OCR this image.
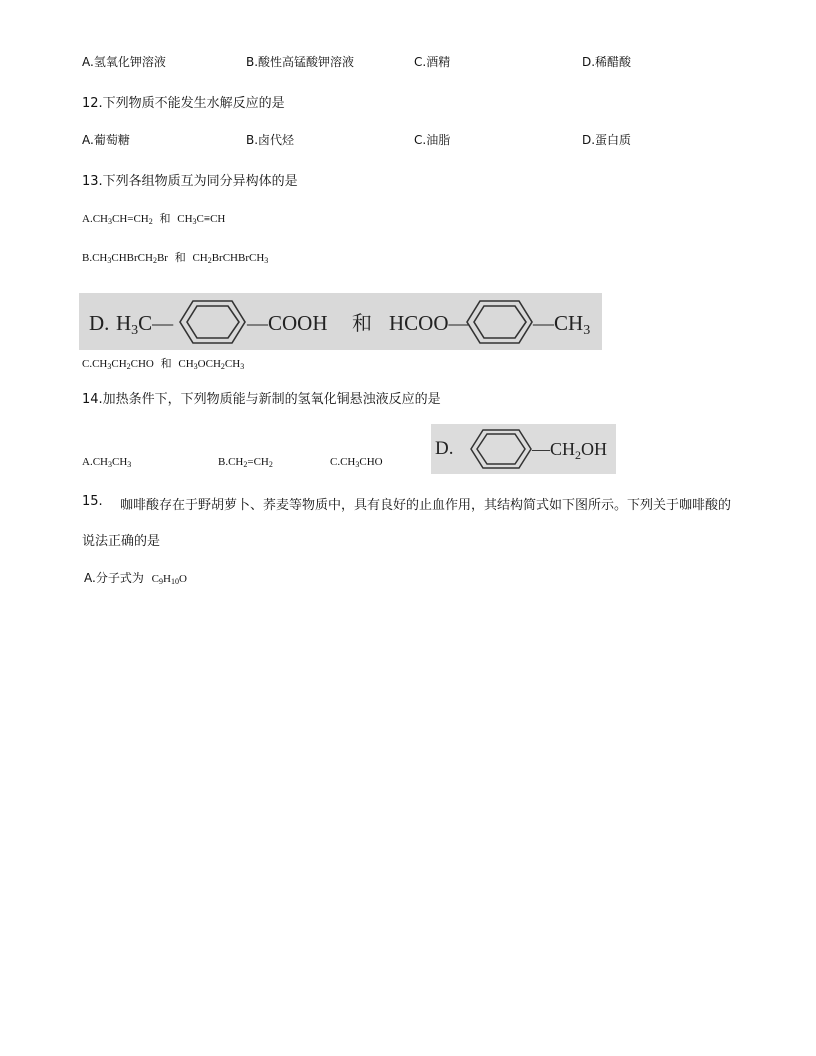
A.氢氧化钾溶液	B.酸性高锰酸钾溶液	C.酒精	D.稀醋酸
12.下列物质不能发生水解反应的是
A.葡萄糖	B.卤代烃	C.油脂	D.蛋白质
13.下列各组物质互为同分异构体的是
$A.CH_3CH=CH_2$ 和 $CH_3C\equiv CH$
$B.CH_3CHBrCH_2Br$ 和 $CH_2BrCHBrCH_3$
D. H3C—	—COOH 和 HCOO—	—CH3
$C.CH_3CH_2CHO$ 和 $CH_3OCH_2CH_3$
14.加热条件下，下列物质能与新制的氢氧化铜悬浊液反应的是
$A.CH_3CH_3$	$B.CH_2=CH_2$	$C.CH_3CHO$
D.	$—CH_2OH$
15. 咖啡酸存在于野胡萝卜、荞麦等物质中，具有良好的止血作用，其结构简式如下图所示。下列关于咖啡酸的
说法正确的是
A.分子式为 $C_9H_{10}O$
